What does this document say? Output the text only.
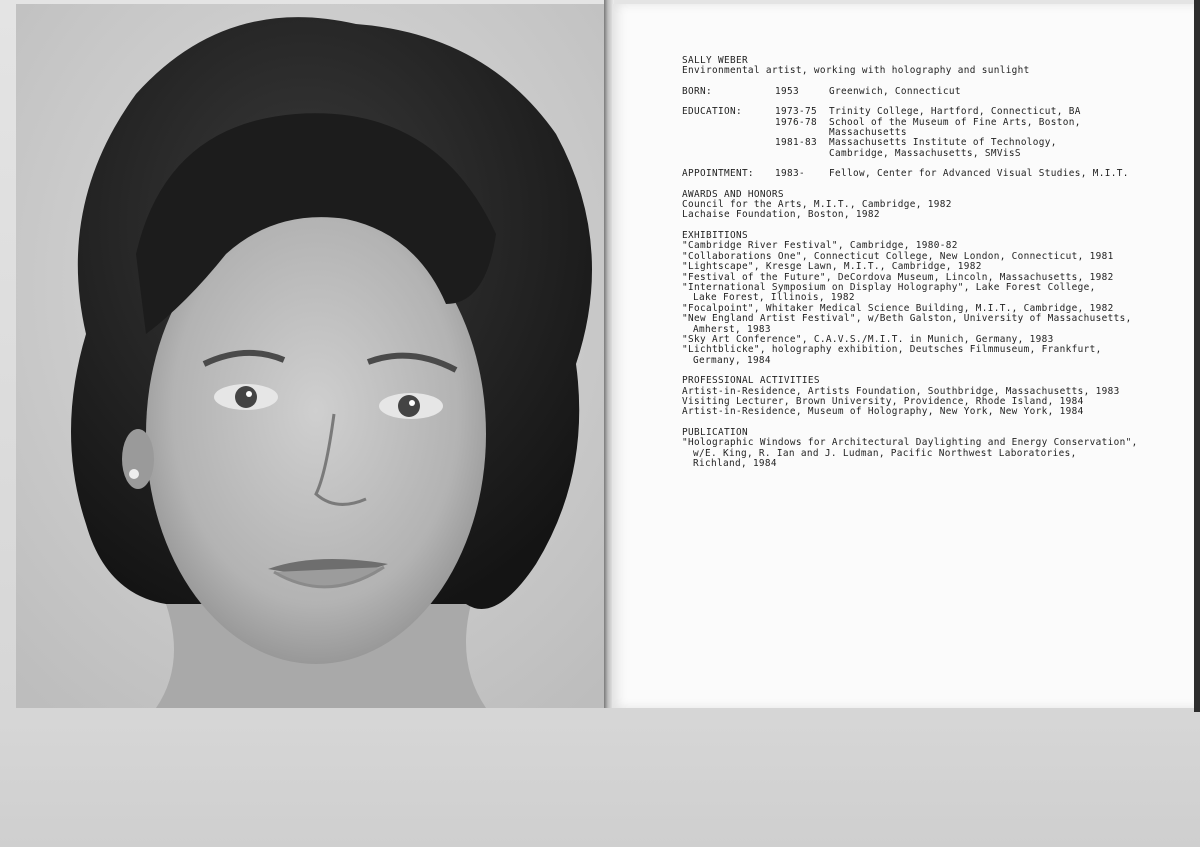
SALLY WEBER
Environmental artist, working with holography and sunlight
BORN:	1953	Greenwich, Connecticut
EDUCATION:	1973-75	Trinity College, Hartford, Connecticut, BA
1976-78	School of the Museum of Fine Arts, Boston,
Massachusetts
1981-83	Massachusetts Institute of Technology,
Cambridge, Massachusetts, SMVisS
APPOINTMENT:	1983-	Fellow, Center for Advanced Visual Studies, M.I.T.
AWARDS AND HONORS
Council for the Arts, M.I.T., Cambridge, 1982
Lachaise Foundation, Boston, 1982
EXHIBITIONS
"Cambridge River Festival", Cambridge, 1980-82
"Collaborations One", Connecticut College, New London, Connecticut, 1981
"Lightscape", Kresge Lawn, M.I.T., Cambridge, 1982
"Festival of the Future", DeCordova Museum, Lincoln, Massachusetts, 1982
"International Symposium on Display Holography", Lake Forest College,
Lake Forest, Illinois, 1982
"Focalpoint", Whitaker Medical Science Building, M.I.T., Cambridge, 1982
"New England Artist Festival", w/Beth Galston, University of Massachusetts,
Amherst, 1983
"Sky Art Conference", C.A.V.S./M.I.T. in Munich, Germany, 1983
"Lichtblicke", holography exhibition, Deutsches Filmmuseum, Frankfurt,
Germany, 1984
PROFESSIONAL ACTIVITIES
Artist-in-Residence, Artists Foundation, Southbridge, Massachusetts, 1983
Visiting Lecturer, Brown University, Providence, Rhode Island, 1984
Artist-in-Residence, Museum of Holography, New York, New York, 1984
PUBLICATION
"Holographic Windows for Architectural Daylighting and Energy Conservation",
w/E. King, R. Ian and J. Ludman, Pacific Northwest Laboratories,
Richland, 1984
